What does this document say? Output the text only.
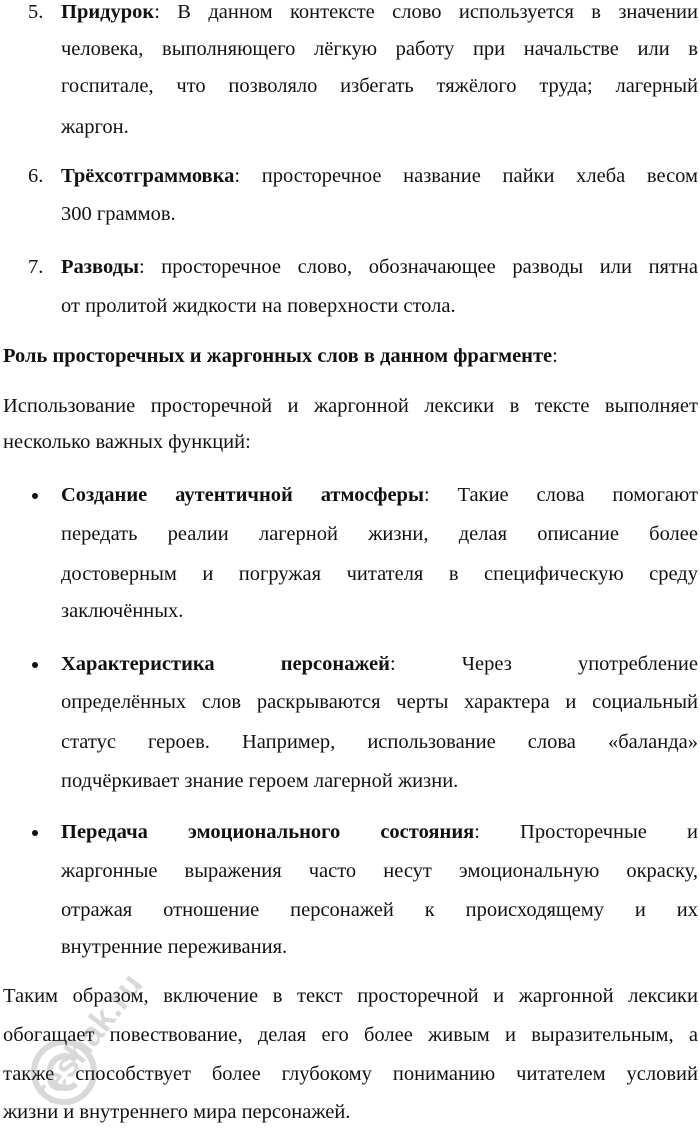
5. Придурок: В данном контексте слово используется в значении
человека, выполняющего лёгкую работу при начальстве или в
госпитале, что позволяло избегать тяжёлого труда; лагерный
жаргон.
6. Трёхсотграммовка: просторечное название пайки хлеба весом
300 граммов.
7. Разводы: просторечное слово, обозначающее разводы или пятна
от пролитой жидкости на поверхности стола.
Роль просторечных и жаргонных слов в данном фрагменте:
Использование просторечной и жаргонной лексики в тексте выполняет
несколько важных функций:
Создание аутентичной атмосферы: Такие слова помогают
передать реалии лагерной жизни, делая описание более
достоверным и погружая читателя в специфическую среду
заключённых.
Характеристика персонажей: Через употребление
определённых слов раскрываются черты характера и социальный
статус героев. Например, использование слова «баланда»
подчёркивает знание героем лагерной жизни.
Передача эмоционального состояния: Просторечные и
жаргонные выражения часто несут эмоциональную окраску,
отражая отношение персонажей к происходящему и их
внутренние переживания.
Таким образом, включение в текст просторечной и жаргонной лексики
обогащает повествование, делая его более живым и выразительным, а
также способствует более глубокому пониманию читателем условий
жизни и внутреннего мира персонажей.
reshak.ru
